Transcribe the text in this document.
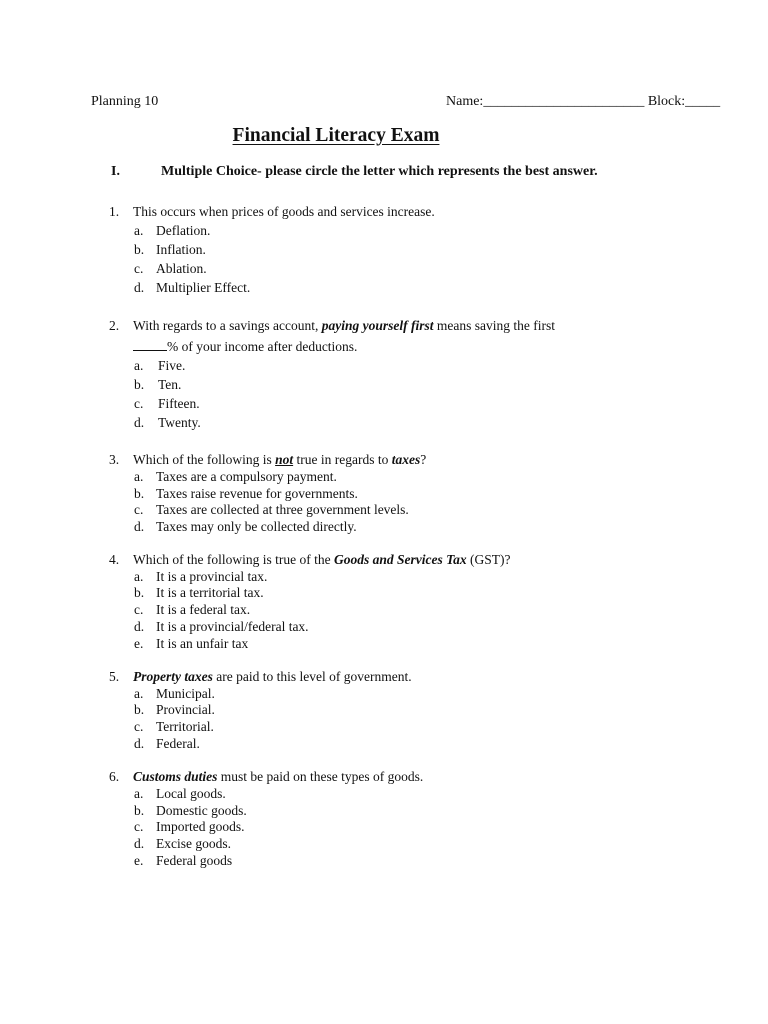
Planning 10	Name:_______________________ Block:_____
Financial Literacy Exam
I.	Multiple Choice- please circle the letter which represents the best answer.
1.	This occurs when prices of goods and services increase.
a. Deflation.
b. Inflation.
c. Ablation.
d. Multiplier Effect.
2.	With regards to a savings account, paying yourself first means saving the first
% of your income after deductions.
a. Five.
b. Ten.
c. Fifteen.
d. Twenty.
3.	Which of the following is not true in regards to taxes?
a. Taxes are a compulsory payment.
b. Taxes raise revenue for governments.
c. Taxes are collected at three government levels.
d. Taxes may only be collected directly.
4.	Which of the following is true of the Goods and Services Tax (GST)?
a. It is a provincial tax.
b. It is a territorial tax.
c. It is a federal tax.
d. It is a provincial/federal tax.
e. It is an unfair tax
5.	Property taxes are paid to this level of government.
a. Municipal.
b. Provincial.
c. Territorial.
d. Federal.
6.	Customs duties must be paid on these types of goods.
a. Local goods.
b. Domestic goods.
c. Imported goods.
d. Excise goods.
e. Federal goods
